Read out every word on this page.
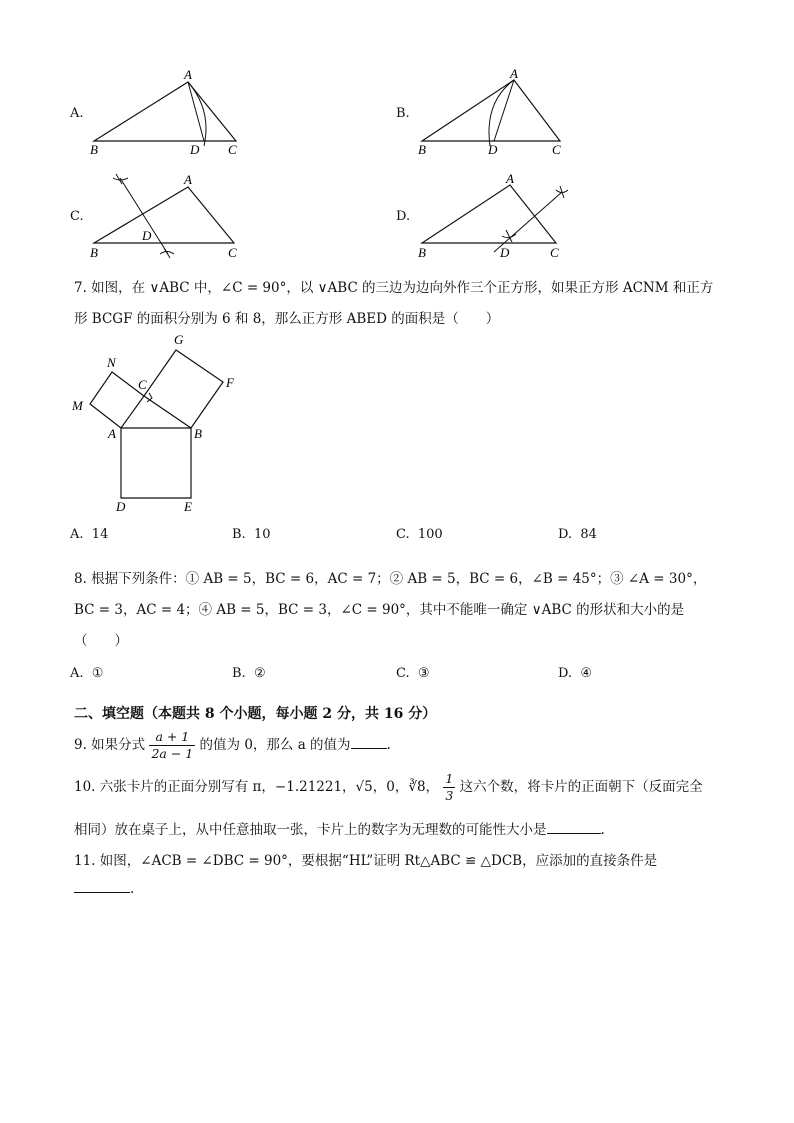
A.	B.
C.	D.
A
B	D C
A
B	D	C
A
B
D
C
A
B	D	C
7. 如图，在 ∨ABC 中，∠C = 90°，以 ∨ABC 的三边为边向外作三个正方形，如果正方形 ACNM 和正方
形 BCGF 的面积分别为 6 和 8，那么正方形 ABED 的面积是（　　）
N
G
C	F
M
A	B
D	E
A. 14	B. 10	C. 100	D. 84
8. 根据下列条件：① AB = 5，BC = 6，AC = 7；② AB = 5，BC = 6，∠B = 45°；③ ∠A = 30°，
BC = 3，AC = 4；④ AB = 5，BC = 3，∠C = 90°，其中不能唯一确定 ∨ABC 的形状和大小的是
（　　）
A. ①	B. ②	C. ③	D. ④
二、填空题（本题共 8 个小题，每小题 2 分，共 16 分）
9. 如果分式 $\frac{a + 1}{2a - 1}$ 的值为 0，那么 a 的值为	.
10. 六张卡片的正面分别写有 π，−1.21221，√5，0，∛8， $\frac{1}{3}$ 这六个数，将卡片的正面朝下（反面完全
相同）放在桌子上，从中任意抽取一张，卡片上的数字为无理数的可能性大小是	.
11. 如图，∠ACB = ∠DBC = 90°，要根据“HL”证明 Rt△ABC ≌ △DCB，应添加的直接条件是
.
